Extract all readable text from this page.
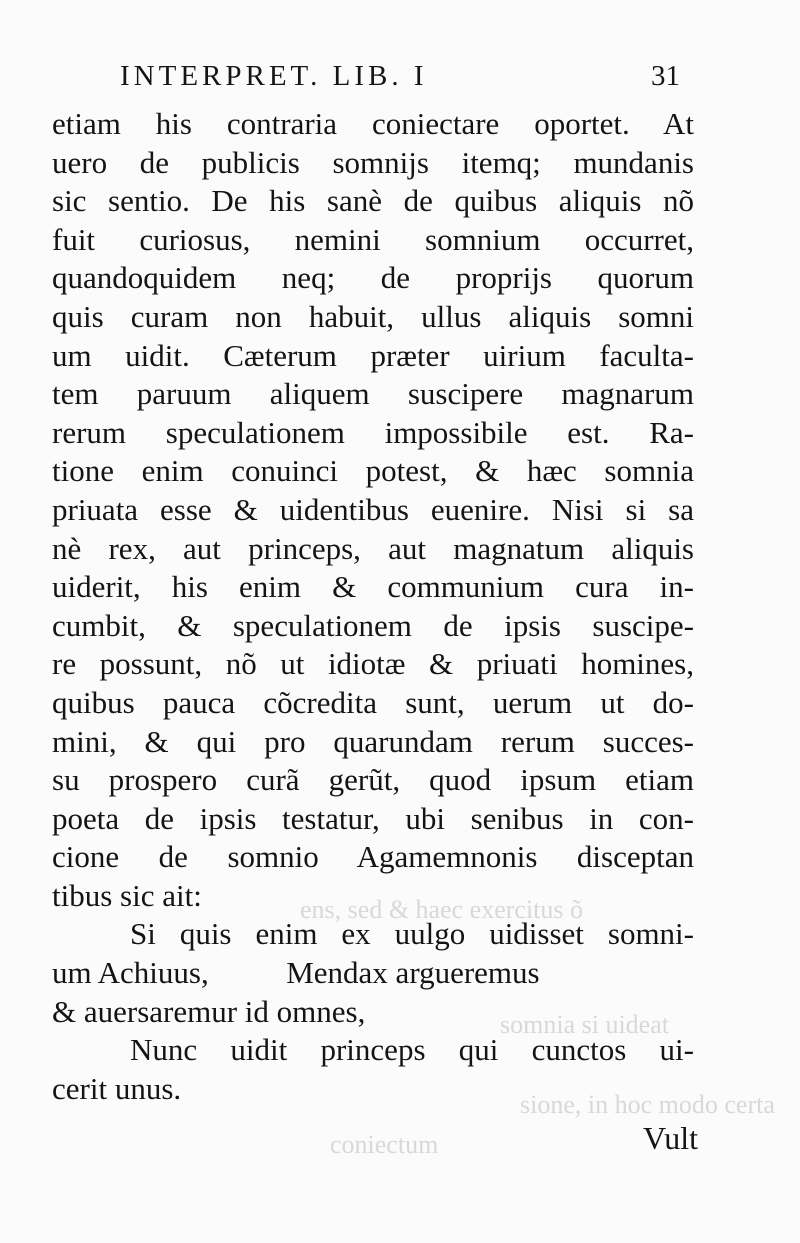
ens, sed & haec exercitus õ
somnia si uideat
sione, in hoc modo certa
coniectum
INTERPRET. LIB. I	31
etiam his contraria coniectare oportet. At
uero de publicis somnijs itemq; mundanis
sic sentio. De his sanè de quibus aliquis nõ
fuit curiosus, nemini somnium occurret,
quandoquidem neq; de proprijs quorum
quis curam non habuit, ullus aliquis somni
um uidit. Cæterum præter uirium faculta-
tem paruum aliquem suscipere magnarum
rerum speculationem impossibile est. Ra-
tione enim conuinci potest, & hæc somnia
priuata esse & uidentibus euenire. Nisi si sa
nè rex, aut princeps, aut magnatum aliquis
uiderit, his enim & communium cura in-
cumbit, & speculationem de ipsis suscipe-
re possunt, nõ ut idiotæ & priuati homines,
quibus pauca cõcredita sunt, uerum ut do-
mini, & qui pro quarundam rerum succes-
su prospero curã gerũt, quod ipsum etiam
poeta de ipsis testatur, ubi senibus in con-
cione de somnio Agamemnonis disceptan
tibus sic ait:
Si quis enim ex uulgo uidisset somni-
um Achiuus,          Mendax argueremus
& auersaremur id omnes,
Nunc uidit princeps qui cunctos ui-
cerit unus.
Vult
